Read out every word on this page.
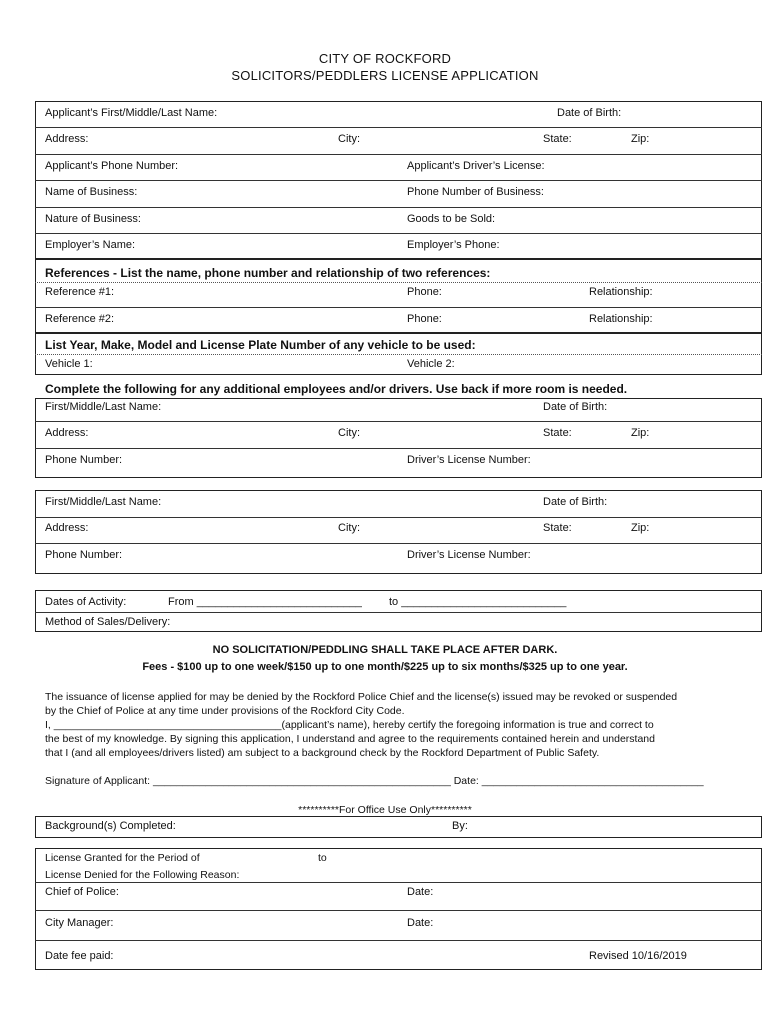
CITY OF ROCKFORD
SOLICITORS/PEDDLERS LICENSE APPLICATION
Applicant’s First/Middle/Last Name:	Date of Birth:
Address:	City:	State:	Zip:
Applicant’s Phone Number:	Applicant’s Driver’s License:
Name of Business:	Phone Number of Business:
Nature of Business:	Goods to be Sold:
Employer’s Name:	Employer’s Phone:
References - List the name, phone number and relationship of two references:
Reference #1:	Phone:	Relationship:
Reference #2:	Phone:	Relationship:
List Year, Make, Model and License Plate Number of any vehicle to be used:
Vehicle 1:	Vehicle 2:
Complete the following for any additional employees and/or drivers. Use back if more room is needed.
First/Middle/Last Name:	Date of Birth:
Address:	City:	State:	Zip:
Phone Number:	Driver’s License Number:
First/Middle/Last Name:	Date of Birth:
Address:	City:	State:	Zip:
Phone Number:	Driver’s License Number:
Dates of Activity:	From ___________________________ to ___________________________
Method of Sales/Delivery:
NO SOLICITATION/PEDDLING SHALL TAKE PLACE AFTER DARK.
Fees - $100 up to one week/$150 up to one month/$225 up to six months/$325 up to one year.
The issuance of license applied for may be denied by the Rockford Police Chief and the license(s) issued may be revoked or suspended
by the Chief of Police at any time under provisions of the Rockford City Code.
I, _______________________________________(applicant’s name), hereby certify the foregoing information is true and correct to
the best of my knowledge. By signing this application, I understand and agree to the requirements contained herein and understand
that I (and all employees/drivers listed) am subject to a background check by the Rockford Department of Public Safety.
Signature of Applicant: ___________________________________________________ Date: ______________________________________
**********For Office Use Only**********
Background(s) Completed:	By:
License Granted for the Period of	to
License Denied for the Following Reason:
Chief of Police:	Date:
City Manager:	Date:
Date fee paid:	Revised 10/16/2019
